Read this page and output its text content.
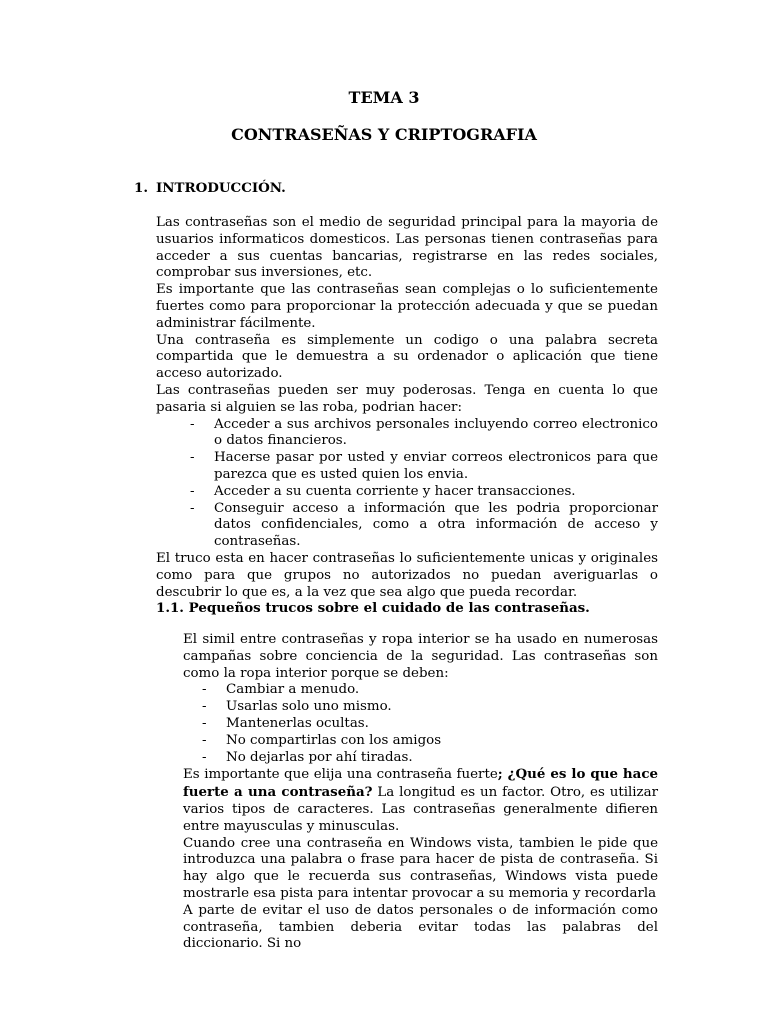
TEMA 3
CONTRASEÑAS Y CRIPTOGRAFIA
1. INTRODUCCIÓN.

Las contraseñas son el medio de seguridad principal para la mayoria de usuarios informaticos domesticos. Las personas tienen contraseñas para acceder a sus cuentas bancarias, registrarse en las redes sociales, comprobar sus inversiones, etc.

Es importante que las contraseñas sean complejas o lo suficientemente fuertes como para proporcionar la protección adecuada y que se puedan administrar fácilmente.

Una contraseña es simplemente un codigo o una palabra secreta compartida que le demuestra a su ordenador o aplicación que tiene acceso autorizado.

Las contraseñas pueden ser muy poderosas. Tenga en cuenta lo que pasaria si alguien se las roba, podrian hacer:

- Acceder a sus archivos personales incluyendo correo electronico o datos financieros.
- Hacerse pasar por usted y enviar correos electronicos para que parezca que es usted quien los envia.
- Acceder a su cuenta corriente y hacer transacciones.
- Conseguir acceso a información que les podria proporcionar datos confidenciales, como a otra información de acceso y contraseñas.

El truco esta en hacer contraseñas lo suficientemente unicas y originales como para que grupos no autorizados no puedan averiguarlas o descubrir lo que es, a la vez que sea algo que pueda recordar.

1.1. Pequeños trucos sobre el cuidado de las contraseñas.

El simil entre contraseñas y ropa interior se ha usado en numerosas campañas sobre conciencia de la seguridad. Las contraseñas son como la ropa interior porque se deben:

- Cambiar a menudo.
- Usarlas solo uno mismo.
- Mantenerlas ocultas.
- No compartirlas con los amigos
- No dejarlas por ahí tiradas.

Es importante que elija una contraseña fuerte; ¿Qué es lo que hace fuerte a una contraseña? La longitud es un factor. Otro, es utilizar varios tipos de caracteres. Las contraseñas generalmente difieren entre mayusculas y minusculas.

Cuando cree una contraseña en Windows vista, tambien le pide que introduzca una palabra o frase para hacer de pista de contraseña. Si hay algo que le recuerda sus contraseñas, Windows vista puede mostrarle esa pista para intentar provocar a su memoria y recordarla

A parte de evitar el uso de datos personales o de información como contraseña, tambien deberia evitar todas las palabras del diccionario. Si no
